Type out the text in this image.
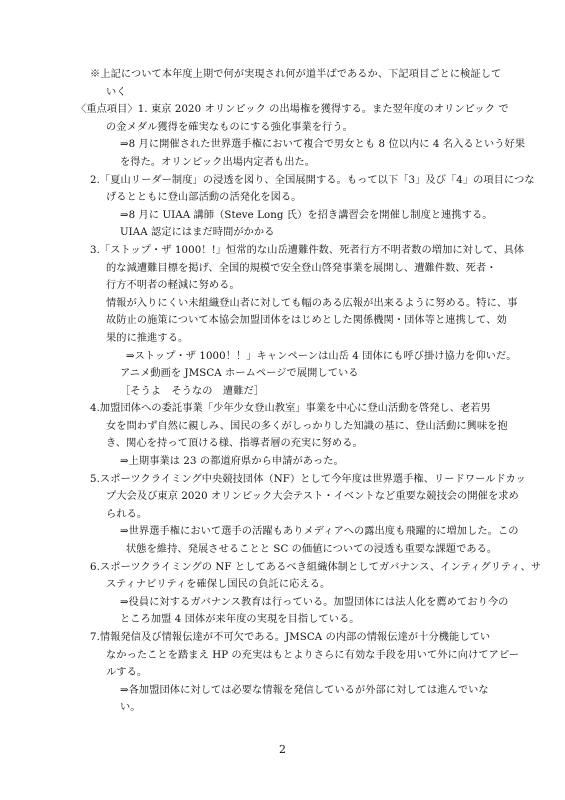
※上記について本年度上期で何が実現され何が道半ばであるか、下記項目ごとに検証して

いく

〈重点項目〉1. 東京 2020 オリンピック の出場権を獲得する。また翌年度のオリンピック で

の金メダル獲得を確実なものにする強化事業を行う。

⇒8 月に開催された世界選手権において複合で男女とも 8 位以内に 4 名入るという好果

を得た。オリンピック出場内定者も出た。

2.「夏山リーダー制度」の浸透を図り、全国展開する。もって以下「3」及び「4」の項目につな

げるとともに登山部活動の活発化を図る。

⇒8 月に UIAA 講師（Steve Long 氏）を招き講習会を開催し制度と連携する。

UIAA 認定にはまだ時間がかかる

3.「ストップ・ザ 1000！!」恒常的な山岳遭難件数、死者行方不明者数の増加に対して、具体

的な減遭難目標を掲げ、全国的規模で安全登山啓発事業を展開し、遭難件数、死者・

行方不明者の軽減に努める。

情報が入りにくい未組織登山者に対しても幅のある広報が出来るように努める。特に、事

故防止の施策について本協会加盟団体をはじめとした関係機関・団体等と連携して、効

果的に推進する。

⇒ストップ・ザ 1000！！」キャンペーンは山岳 4 団体にも呼び掛け協力を仰いだ。

アニメ動画を JMSCA ホームページで展開している

［そうよ　そうなの　遭難だ］

4.加盟団体への委託事業「少年少女登山教室」事業を中心に登山活動を啓発し、老若男

女を問わず自然に親しみ、国民の多くがしっかりした知識の基に、登山活動に興味を抱

き、関心を持って頂ける様、指導者層の充実に努める。

⇒上期事業は 23 の都道府県から申請があった。

5.スポーツクライミング中央競技団体（NF）として今年度は世界選手権、リードワールドカッ

プ大会及び東京 2020 オリンピック大会テスト・イベントなど重要な競技会の開催を求め

られる。

⇒世界選手権において選手の活躍もありメディアへの露出度も飛躍的に増加した。この

状態を維持、発展させることと SC の価値についての浸透も重要な課題である。

6.スポーツクライミングの NF としてあるべき組織体制としてガバナンス、インティグリティ、サ

スティナビリティを確保し国民の負託に応える。

⇒役員に対するガバナンス教育は行っている。加盟団体には法人化を薦めており今の

ところ加盟 4 団体が来年度の実現を目指している。

7.情報発信及び情報伝達が不可欠である。JMSCA の内部の情報伝達が十分機能してい

なかったことを踏まえ HP の充実はもとよりさらに有効な手段を用いて外に向けてアピー

ルする。

⇒各加盟団体に対しては必要な情報を発信しているが外部に対しては進んでいな

い。

2
